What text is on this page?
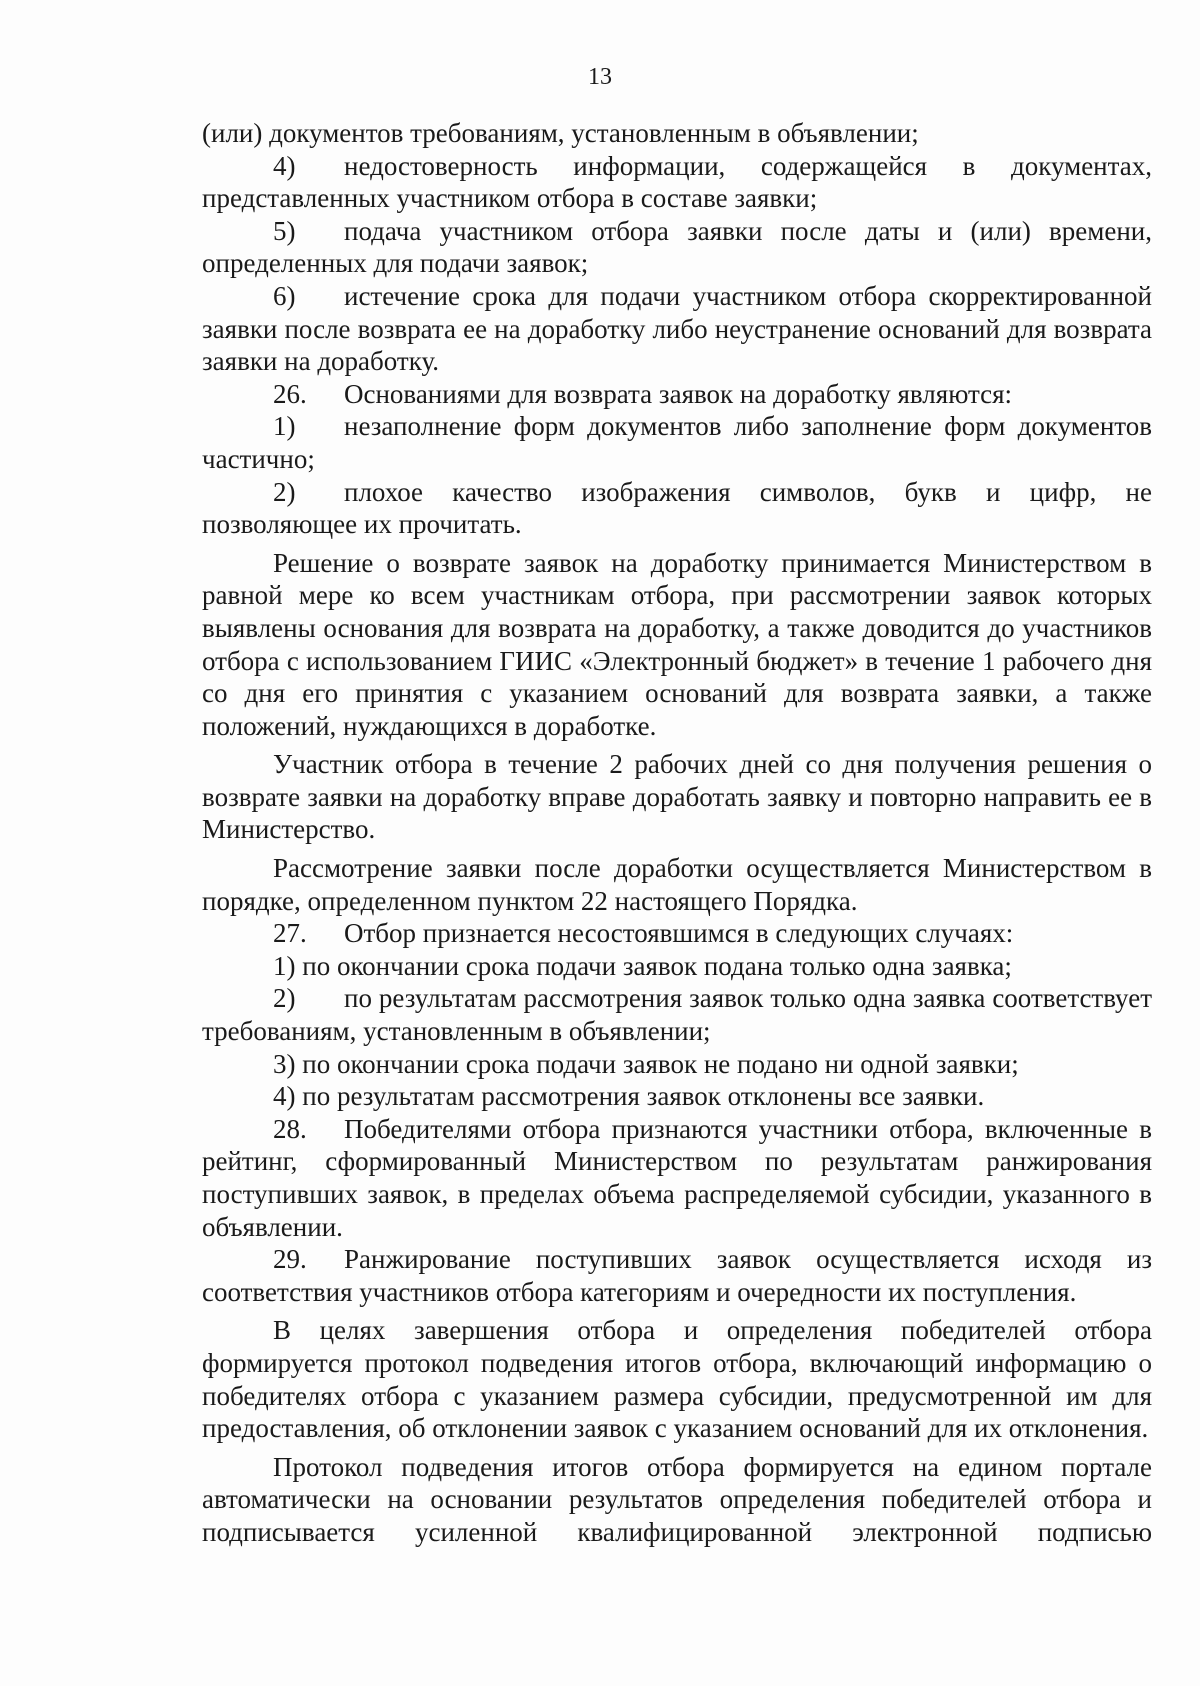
13

(или) документов требованиям, установленным в объявлении;

4) недостоверность информации, содержащейся в документах, представленных участником отбора в составе заявки;

5) подача участником отбора заявки после даты и (или) времени, определенных для подачи заявок;

6) истечение срока для подачи участником отбора скорректированной заявки после возврата ее на доработку либо неустранение оснований для возврата заявки на доработку.

26. Основаниями для возврата заявок на доработку являются:

1) незаполнение форм документов либо заполнение форм документов частично;

2) плохое качество изображения символов, букв и цифр, не позволяющее их прочитать.

Решение о возврате заявок на доработку принимается Министерством в равной мере ко всем участникам отбора, при рассмотрении заявок которых выявлены основания для возврата на доработку, а также доводится до участников отбора с использованием ГИИС «Электронный бюджет» в течение 1 рабочего дня со дня его принятия с указанием оснований для возврата заявки, а также положений, нуждающихся в доработке.

Участник отбора в течение 2 рабочих дней со дня получения решения о возврате заявки на доработку вправе доработать заявку и повторно направить ее в Министерство.

Рассмотрение заявки после доработки осуществляется Министерством в порядке, определенном пунктом 22 настоящего Порядка.

27. Отбор признается несостоявшимся в следующих случаях:

1) по окончании срока подачи заявок подана только одна заявка;

2) по результатам рассмотрения заявок только одна заявка соответствует требованиям, установленным в объявлении;

3) по окончании срока подачи заявок не подано ни одной заявки;

4) по результатам рассмотрения заявок отклонены все заявки.

28. Победителями отбора признаются участники отбора, включенные в рейтинг, сформированный Министерством по результатам ранжирования поступивших заявок, в пределах объема распределяемой субсидии, указанного в объявлении.

29. Ранжирование поступивших заявок осуществляется исходя из соответствия участников отбора категориям и очередности их поступления.

В целях завершения отбора и определения победителей отбора формируется протокол подведения итогов отбора, включающий информацию о победителях отбора с указанием размера субсидии, предусмотренной им для предоставления, об отклонении заявок с указанием оснований для их отклонения.

Протокол подведения итогов отбора формируется на едином портале автоматически на основании результатов определения победителей отбора и подписывается усиленной квалифицированной электронной подписью
